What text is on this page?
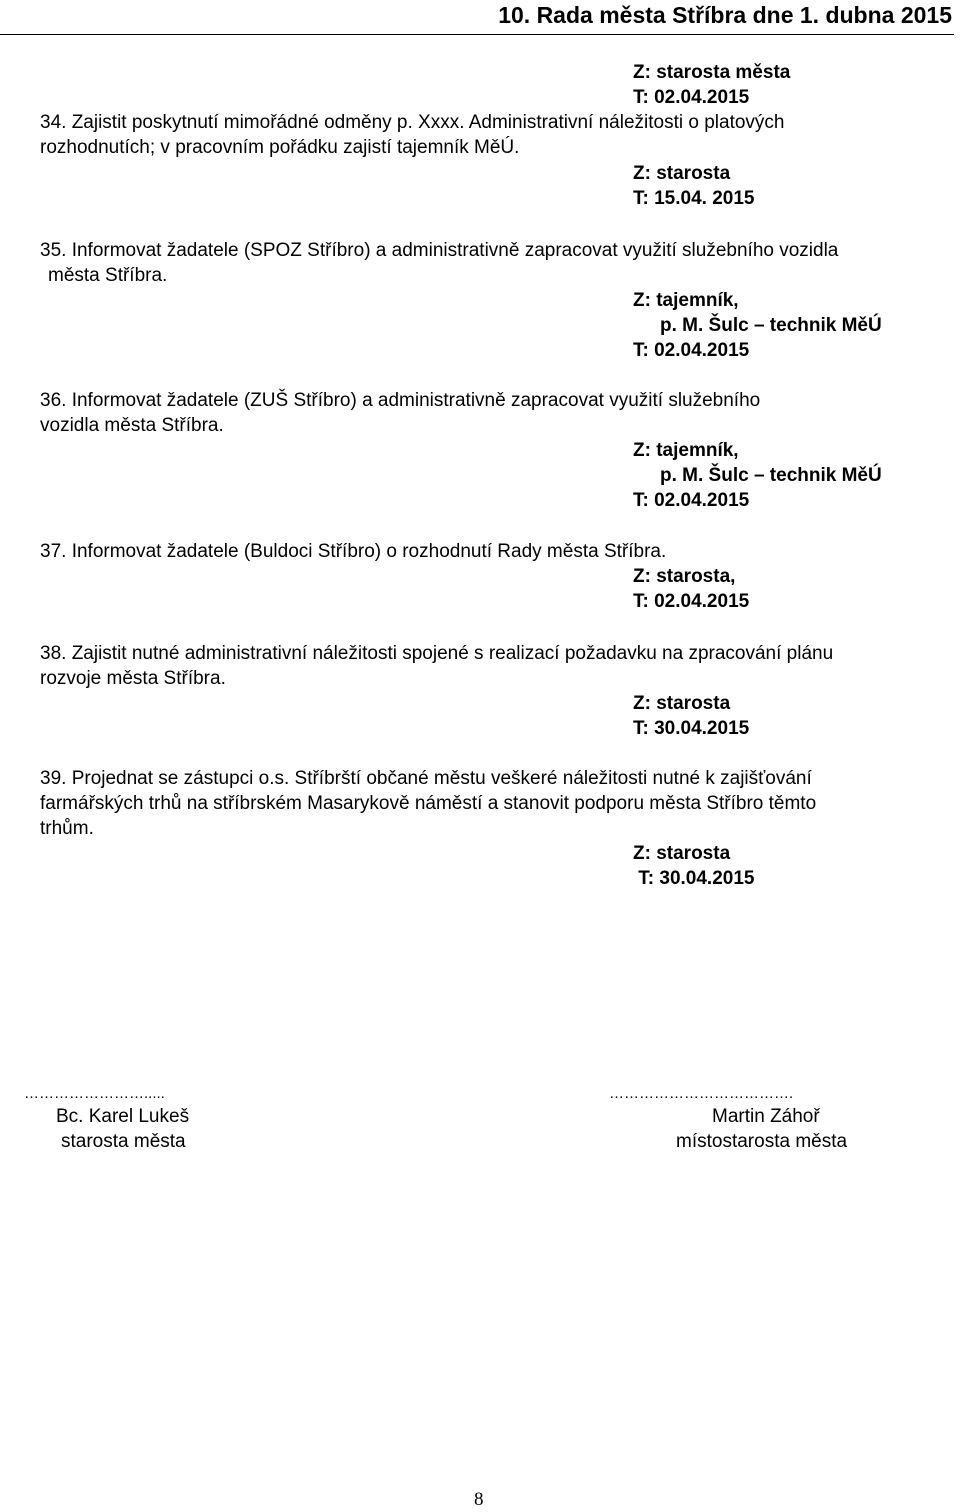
10. Rada města Stříbra dne 1. dubna 2015
Z: starosta města
T: 02.04.2015
34. Zajistit poskytnutí mimořádné odměny p. Xxxx. Administrativní náležitosti o platových
rozhodnutích; v pracovním pořádku zajistí tajemník MěÚ.
Z: starosta
T: 15.04. 2015
35. Informovat žadatele (SPOZ Stříbro) a administrativně zapracovat využití služebního vozidla
města Stříbra.
Z: tajemník,
p. M. Šulc – technik MěÚ
T: 02.04.2015
36. Informovat žadatele (ZUŠ Stříbro) a administrativně zapracovat využití služebního
vozidla města Stříbra.
Z: tajemník,
p. M. Šulc – technik MěÚ
T: 02.04.2015
37. Informovat žadatele (Buldoci Stříbro) o rozhodnutí Rady města Stříbra.
Z: starosta,
T: 02.04.2015
38. Zajistit nutné administrativní náležitosti spojené s realizací požadavku na zpracování plánu
rozvoje města Stříbra.
Z: starosta
T: 30.04.2015
39. Projednat se zástupci o.s. Stříbrští občané městu veškeré náležitosti nutné k zajišťování
farmářských trhů na stříbrském Masarykově náměstí a stanovit podporu města Stříbro těmto
trhům.
Z: starosta
T: 30.04.2015
…………………….....
Bc. Karel Lukeš
starosta města
……………………………….
Martin Záhoř
místostarosta města
8
